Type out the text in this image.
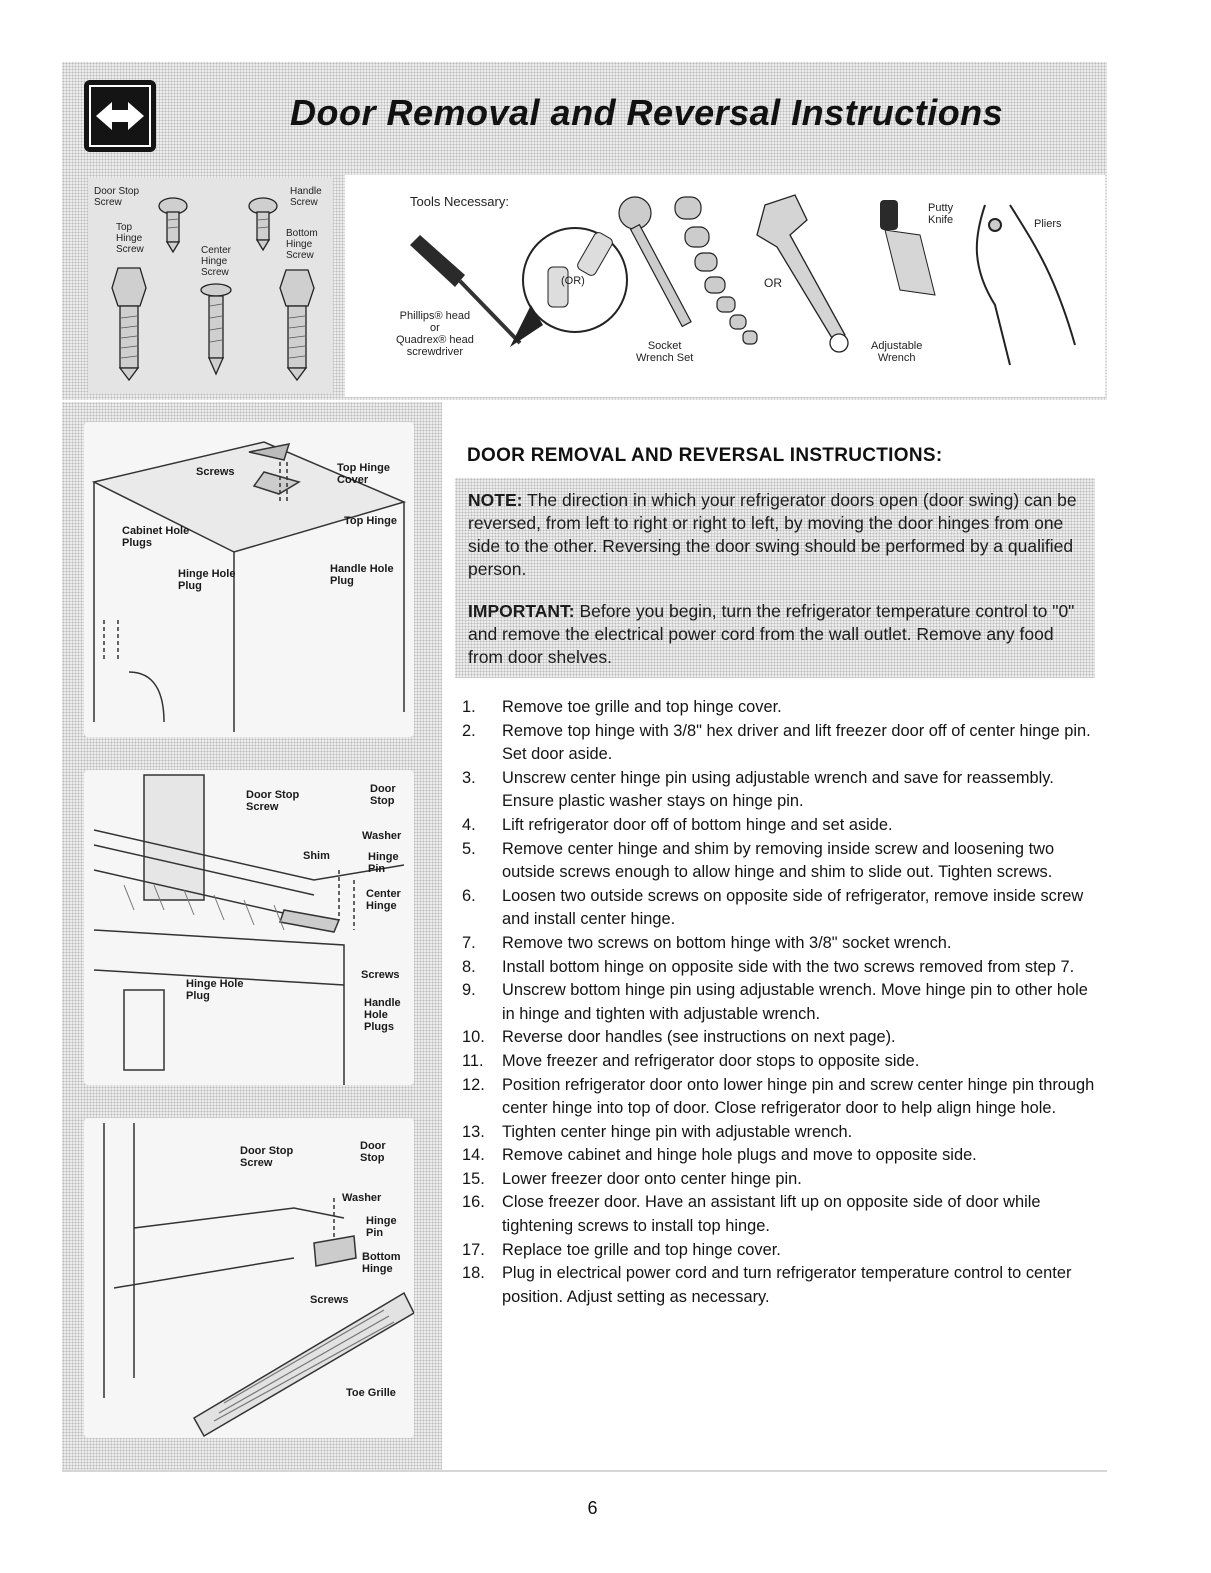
Door Removal and Reversal Instructions
Door Stop
Screw
Top
Hinge
Screw	Center
Hinge
Screw
Handle
Screw
Bottom
Hinge
Screw
Tools Necessary:
Phillips® head
or
Quadrex® head
screwdriver
(OR)
Socket
Wrench Set
OR
Adjustable
Wrench
Putty
Knife	Pliers
Screws	Top Hinge
Cover
Top Hinge
Cabinet Hole
Plugs
Hinge Hole
Plug
Handle Hole
Plug
Door Stop
Screw
Door
Stop
Washer
Shim	Hinge
Pin
Center
Hinge
Screws
Hinge Hole
Plug
Handle
Hole
Plugs
Door Stop
Screw
Door
Stop
Washer
Hinge
Pin
Bottom
Hinge
Screws
Toe Grille
DOOR REMOVAL AND REVERSAL INSTRUCTIONS:
NOTE: The direction in which your refrigerator doors open (door swing) can be reversed, from left to right or right to left, by moving the door hinges from one side to the other. Reversing the door swing should be performed by a qualified person.
IMPORTANT: Before you begin, turn the refrigerator temperature control to "0" and remove the electrical power cord from the wall outlet. Remove any food from door shelves.
1.	Remove toe grille and top hinge cover.
2.	Remove top hinge with 3/8" hex driver and lift freezer door off of center hinge pin. Set door aside.
3.	Unscrew center hinge pin using adjustable wrench and save for reassembly. Ensure plastic washer stays on hinge pin.
4.	Lift refrigerator door off of bottom hinge and set aside.
5.	Remove center hinge and shim by removing inside screw and loosening two outside screws enough to allow hinge and shim to slide out. Tighten screws.
6.	Loosen two outside screws on opposite side of refrigerator, remove inside screw and install center hinge.
7.	Remove two screws on bottom hinge with 3/8" socket wrench.
8.	Install bottom hinge on opposite side with the two screws removed from step 7.
9.	Unscrew bottom hinge pin using adjustable wrench. Move hinge pin to other hole in hinge and tighten with adjustable wrench.
10.	Reverse door handles (see instructions on next page).
11.	Move freezer and refrigerator door stops to opposite side.
12.	Position refrigerator door onto lower hinge pin and screw center hinge pin through center hinge into top of door. Close refrigerator door to help align hinge hole.
13.	Tighten center hinge pin with adjustable wrench.
14.	Remove cabinet and hinge hole plugs and move to opposite side.
15.	Lower freezer door onto center hinge pin.
16.	Close freezer door. Have an assistant lift up on opposite side of door while tightening screws to install top hinge.
17.	Replace toe grille and top hinge cover.
18.	Plug in electrical power cord and turn refrigerator temperature control to center position. Adjust setting as necessary.
6
